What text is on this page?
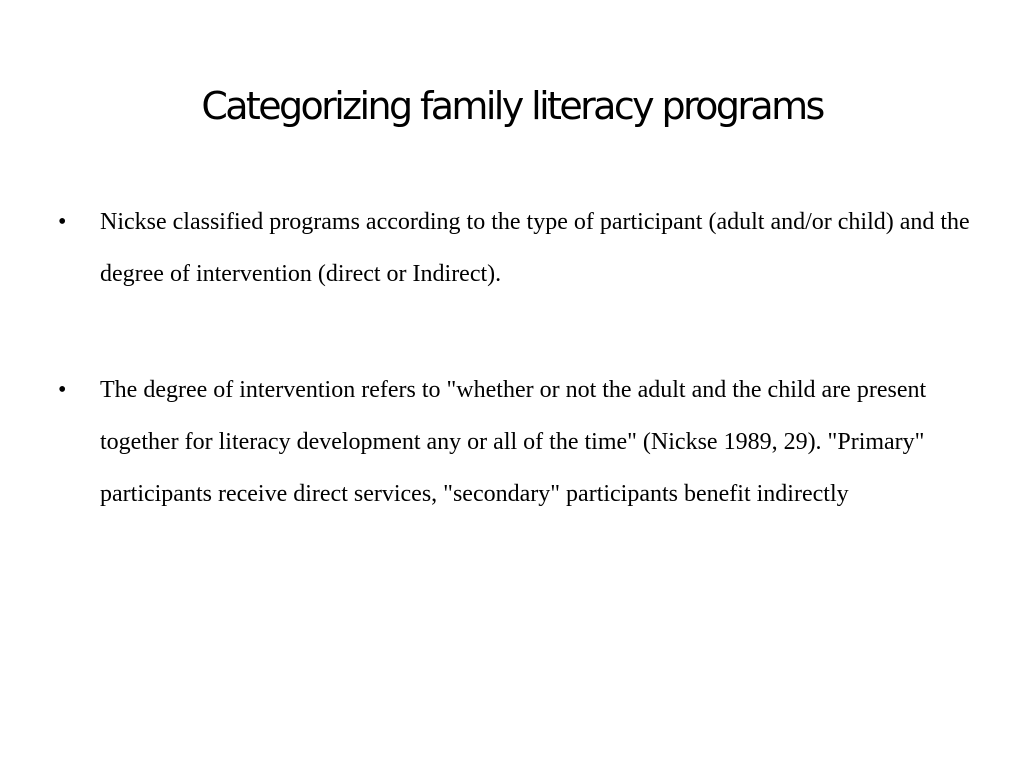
Categorizing family literacy programs
•	Nickse classified programs according to the type of participant (adult and/or child) and the degree of intervention (direct or Indirect).
•	The degree of intervention refers to "whether or not the adult and the child are present together for literacy development any or all of the time" (Nickse 1989, 29). "Primary" participants receive direct services, "secondary" participants benefit indirectly
